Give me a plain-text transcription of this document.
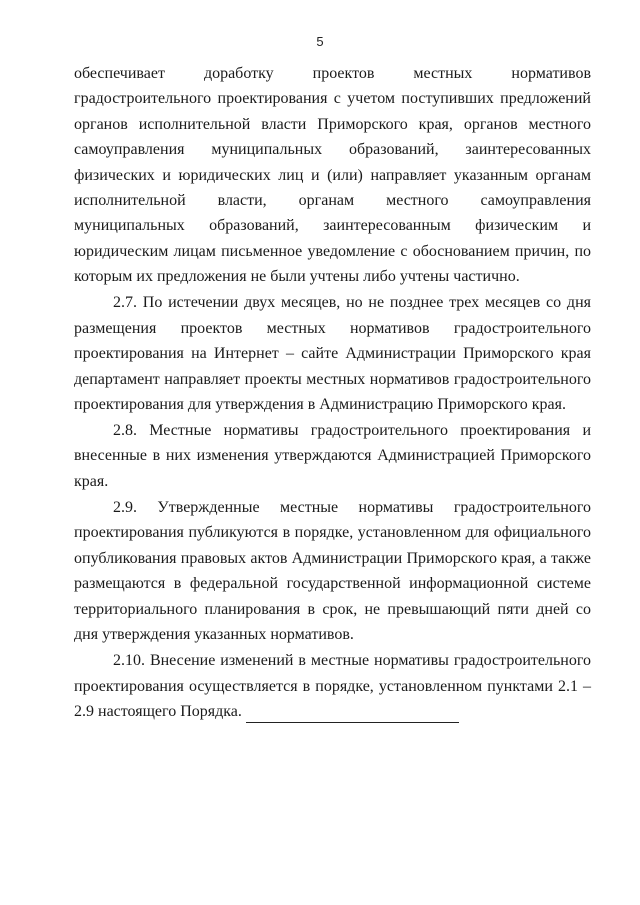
5

обеспечивает доработку проектов местных нормативов градостроительного проектирования с учетом поступивших предложений органов исполнительной власти Приморского края, органов местного самоуправления муниципальных образований, заинтересованных физических и юридических лиц и (или) направляет указанным органам исполнительной власти, органам местного самоуправления муниципальных образований, заинтересованным физическим и юридическим лицам письменное уведомление с обоснованием причин, по которым их предложения не были учтены либо учтены частично.

2.7. По истечении двух месяцев, но не позднее трех месяцев со дня размещения проектов местных нормативов градостроительного проектирования на Интернет – сайте Администрации Приморского края департамент направляет проекты местных нормативов градостроительного проектирования для утверждения в Администрацию Приморского края.

2.8. Местные нормативы градостроительного проектирования и внесенные в них изменения утверждаются Администрацией Приморского края.

2.9. Утвержденные местные нормативы градостроительного проектирования публикуются в порядке, установленном для официального опубликования правовых актов Администрации Приморского края, а также размещаются в федеральной государственной информационной системе территориального планирования в срок, не превышающий пяти дней со дня утверждения указанных нормативов.

2.10. Внесение изменений в местные нормативы градостроительного проектирования осуществляется в порядке, установленном пунктами 2.1 – 2.9 настоящего Порядка.
